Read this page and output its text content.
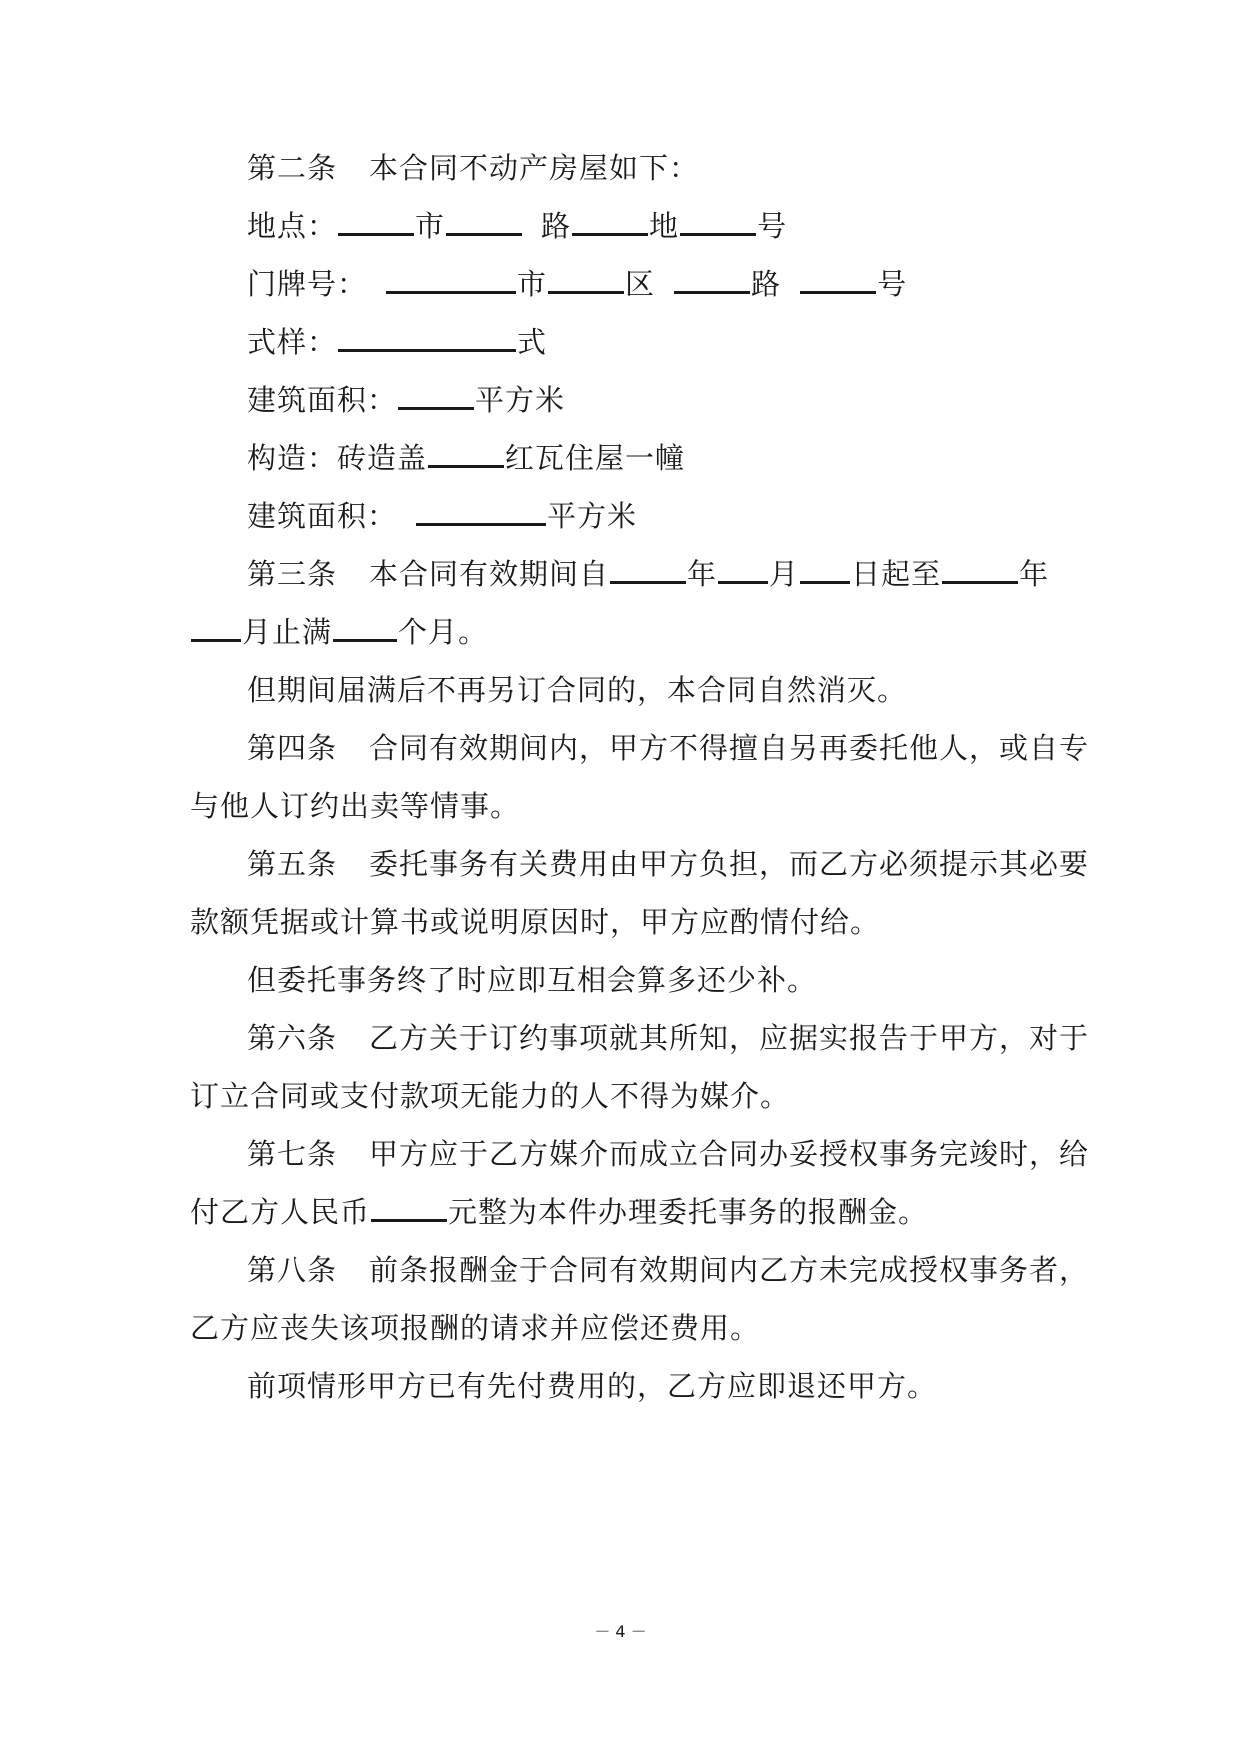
第二条 本合同不动产房屋如下：
地点：	市	路	地	号
门牌号：	市	区	路	号
式样：	式
建筑面积：	平方米
构造：砖造盖	红瓦住屋一幢
建筑面积：	平方米
第三条 本合同有效期间自	年 月 日起至	年
月止满 个月。
但期间届满后不再另订合同的，本合同自然消灭。
第四条 合同有效期间内，甲方不得擅自另再委托他人，或自专
与他人订约出卖等情事。
第五条 委托事务有关费用由甲方负担，而乙方必须提示其必要
款额凭据或计算书或说明原因时，甲方应酌情付给。
但委托事务终了时应即互相会算多还少补。
第六条 乙方关于订约事项就其所知，应据实报告于甲方，对于
订立合同或支付款项无能力的人不得为媒介。
第七条 甲方应于乙方媒介而成立合同办妥授权事务完竣时，给
付乙方人民币	元整为本件办理委托事务的报酬金。
第八条 前条报酬金于合同有效期间内乙方未完成授权事务者，
乙方应丧失该项报酬的请求并应偿还费用。
前项情形甲方已有先付费用的，乙方应即退还甲方。
－ 4 －
